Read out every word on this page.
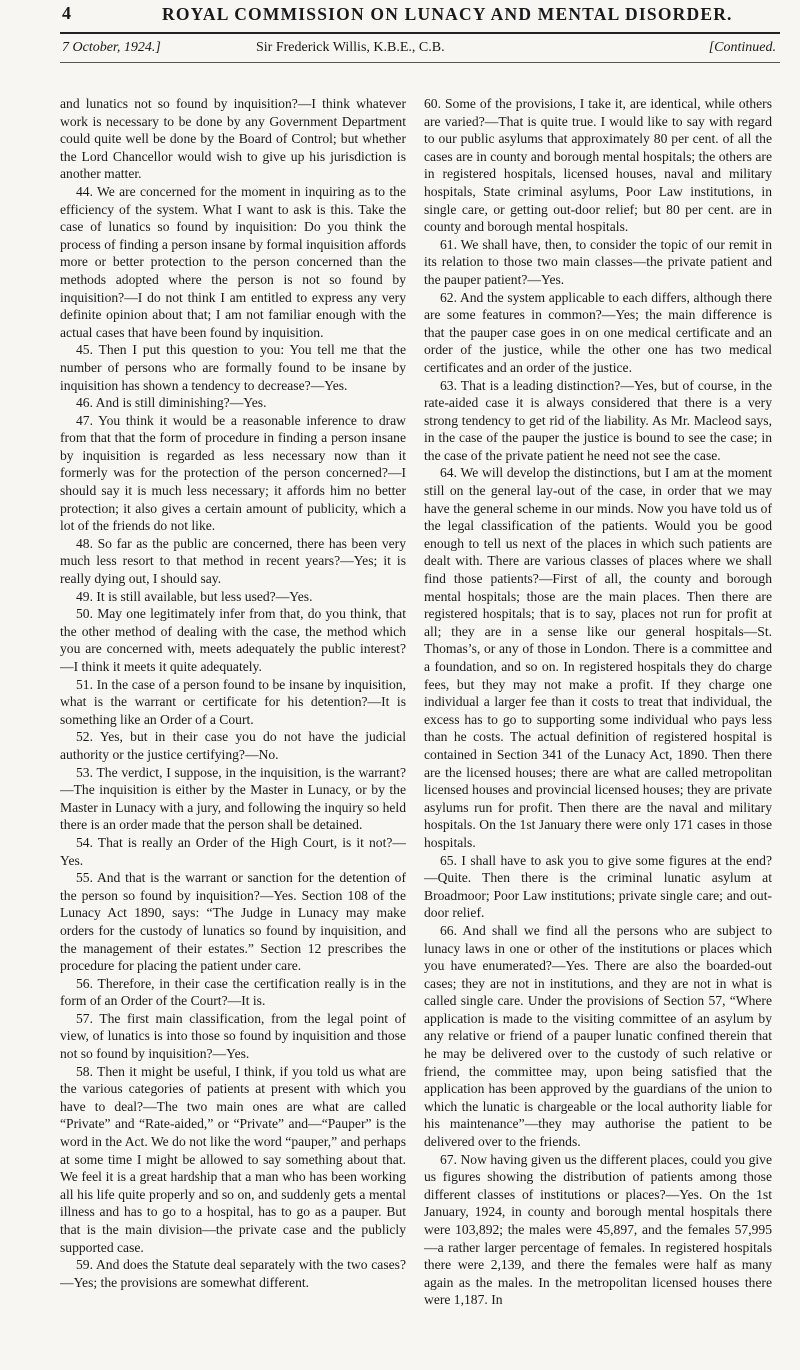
4	ROYAL COMMISSION ON LUNACY AND MENTAL DISORDER.
7 October, 1924.]	Sir Frederick Willis, K.B.E., C.B.	[Continued.

and lunatics not so found by inquisition?—I think whatever work is necessary to be done by any Government Department could quite well be done by the Board of Control; but whether the Lord Chancellor would wish to give up his jurisdiction is another matter.

44. We are concerned for the moment in inquiring as to the efficiency of the system. What I want to ask is this. Take the case of lunatics so found by inquisition: Do you think the process of finding a person insane by formal inquisition affords more or better protection to the person concerned than the methods adopted where the person is not so found by inquisition?—I do not think I am entitled to express any very definite opinion about that; I am not familiar enough with the actual cases that have been found by inquisition.

45. Then I put this question to you: You tell me that the number of persons who are formally found to be insane by inquisition has shown a tendency to decrease?—Yes.

46. And is still diminishing?—Yes.

47. You think it would be a reasonable inference to draw from that that the form of procedure in finding a person insane by inquisition is regarded as less necessary now than it formerly was for the protection of the person concerned?—I should say it is much less necessary; it affords him no better protection; it also gives a certain amount of publicity, which a lot of the friends do not like.

48. So far as the public are concerned, there has been very much less resort to that method in recent years?—Yes; it is really dying out, I should say.

49. It is still available, but less used?—Yes.

50. May one legitimately infer from that, do you think, that the other method of dealing with the case, the method which you are concerned with, meets adequately the public interest?—I think it meets it quite adequately.

51. In the case of a person found to be insane by inquisition, what is the warrant or certificate for his detention?—It is something like an Order of a Court.

52. Yes, but in their case you do not have the judicial authority or the justice certifying?—No.

53. The verdict, I suppose, in the inquisition, is the warrant?—The inquisition is either by the Master in Lunacy, or by the Master in Lunacy with a jury, and following the inquiry so held there is an order made that the person shall be detained.

54. That is really an Order of the High Court, is it not?—Yes.

55. And that is the warrant or sanction for the detention of the person so found by inquisition?—Yes. Section 108 of the Lunacy Act 1890, says: “The Judge in Lunacy may make orders for the custody of lunatics so found by inquisition, and the management of their estates.” Section 12 prescribes the procedure for placing the patient under care.

56. Therefore, in their case the certification really is in the form of an Order of the Court?—It is.

57. The first main classification, from the legal point of view, of lunatics is into those so found by inquisition and those not so found by inquisition?—Yes.

58. Then it might be useful, I think, if you told us what are the various categories of patients at present with which you have to deal?—The two main ones are what are called “Private” and “Rate-aided,” or “Private” and—“Pauper” is the word in the Act. We do not like the word “pauper,” and perhaps at some time I might be allowed to say something about that. We feel it is a great hardship that a man who has been working all his life quite properly and so on, and suddenly gets a mental illness and has to go to a hospital, has to go as a pauper. But that is the main division—the private case and the publicly supported case.

59. And does the Statute deal separately with the two cases?—Yes; the provisions are somewhat different.

60. Some of the provisions, I take it, are identical, while others are varied?—That is quite true. I would like to say with regard to our public asylums that approximately 80 per cent. of all the cases are in county and borough mental hospitals; the others are in registered hospitals, licensed houses, naval and military hospitals, State criminal asylums, Poor Law institutions, in single care, or getting out-door relief; but 80 per cent. are in county and borough mental hospitals.

61. We shall have, then, to consider the topic of our remit in its relation to those two main classes—the private patient and the pauper patient?—Yes.

62. And the system applicable to each differs, although there are some features in common?—Yes; the main difference is that the pauper case goes in on one medical certificate and an order of the justice, while the other one has two medical certificates and an order of the justice.

63. That is a leading distinction?—Yes, but of course, in the rate-aided case it is always considered that there is a very strong tendency to get rid of the liability. As Mr. Macleod says, in the case of the pauper the justice is bound to see the case; in the case of the private patient he need not see the case.

64. We will develop the distinctions, but I am at the moment still on the general lay-out of the case, in order that we may have the general scheme in our minds. Now you have told us of the legal classification of the patients. Would you be good enough to tell us next of the places in which such patients are dealt with. There are various classes of places where we shall find those patients?—First of all, the county and borough mental hospitals; those are the main places. Then there are registered hospitals; that is to say, places not run for profit at all; they are in a sense like our general hospitals—St. Thomas’s, or any of those in London. There is a committee and a foundation, and so on. In registered hospitals they do charge fees, but they may not make a profit. If they charge one individual a larger fee than it costs to treat that individual, the excess has to go to supporting some individual who pays less than he costs. The actual definition of registered hospital is contained in Section 341 of the Lunacy Act, 1890. Then there are the licensed houses; there are what are called metropolitan licensed houses and provincial licensed houses; they are private asylums run for profit. Then there are the naval and military hospitals. On the 1st January there were only 171 cases in those hospitals.

65. I shall have to ask you to give some figures at the end?—Quite. Then there is the criminal lunatic asylum at Broadmoor; Poor Law institutions; private single care; and out-door relief.

66. And shall we find all the persons who are subject to lunacy laws in one or other of the institutions or places which you have enumerated?—Yes. There are also the boarded-out cases; they are not in institutions, and they are not in what is called single care. Under the provisions of Section 57, “Where application is made to the visiting committee of an asylum by any relative or friend of a pauper lunatic confined therein that he may be delivered over to the custody of such relative or friend, the committee may, upon being satisfied that the application has been approved by the guardians of the union to which the lunatic is chargeable or the local authority liable for his maintenance”—they may authorise the patient to be delivered over to the friends.

67. Now having given us the different places, could you give us figures showing the distribution of patients among those different classes of institutions or places?—Yes. On the 1st January, 1924, in county and borough mental hospitals there were 103,892; the males were 45,897, and the females 57,995—a rather larger percentage of females. In registered hospitals there were 2,139, and there the females were half as many again as the males. In the metropolitan licensed houses there were 1,187. In
